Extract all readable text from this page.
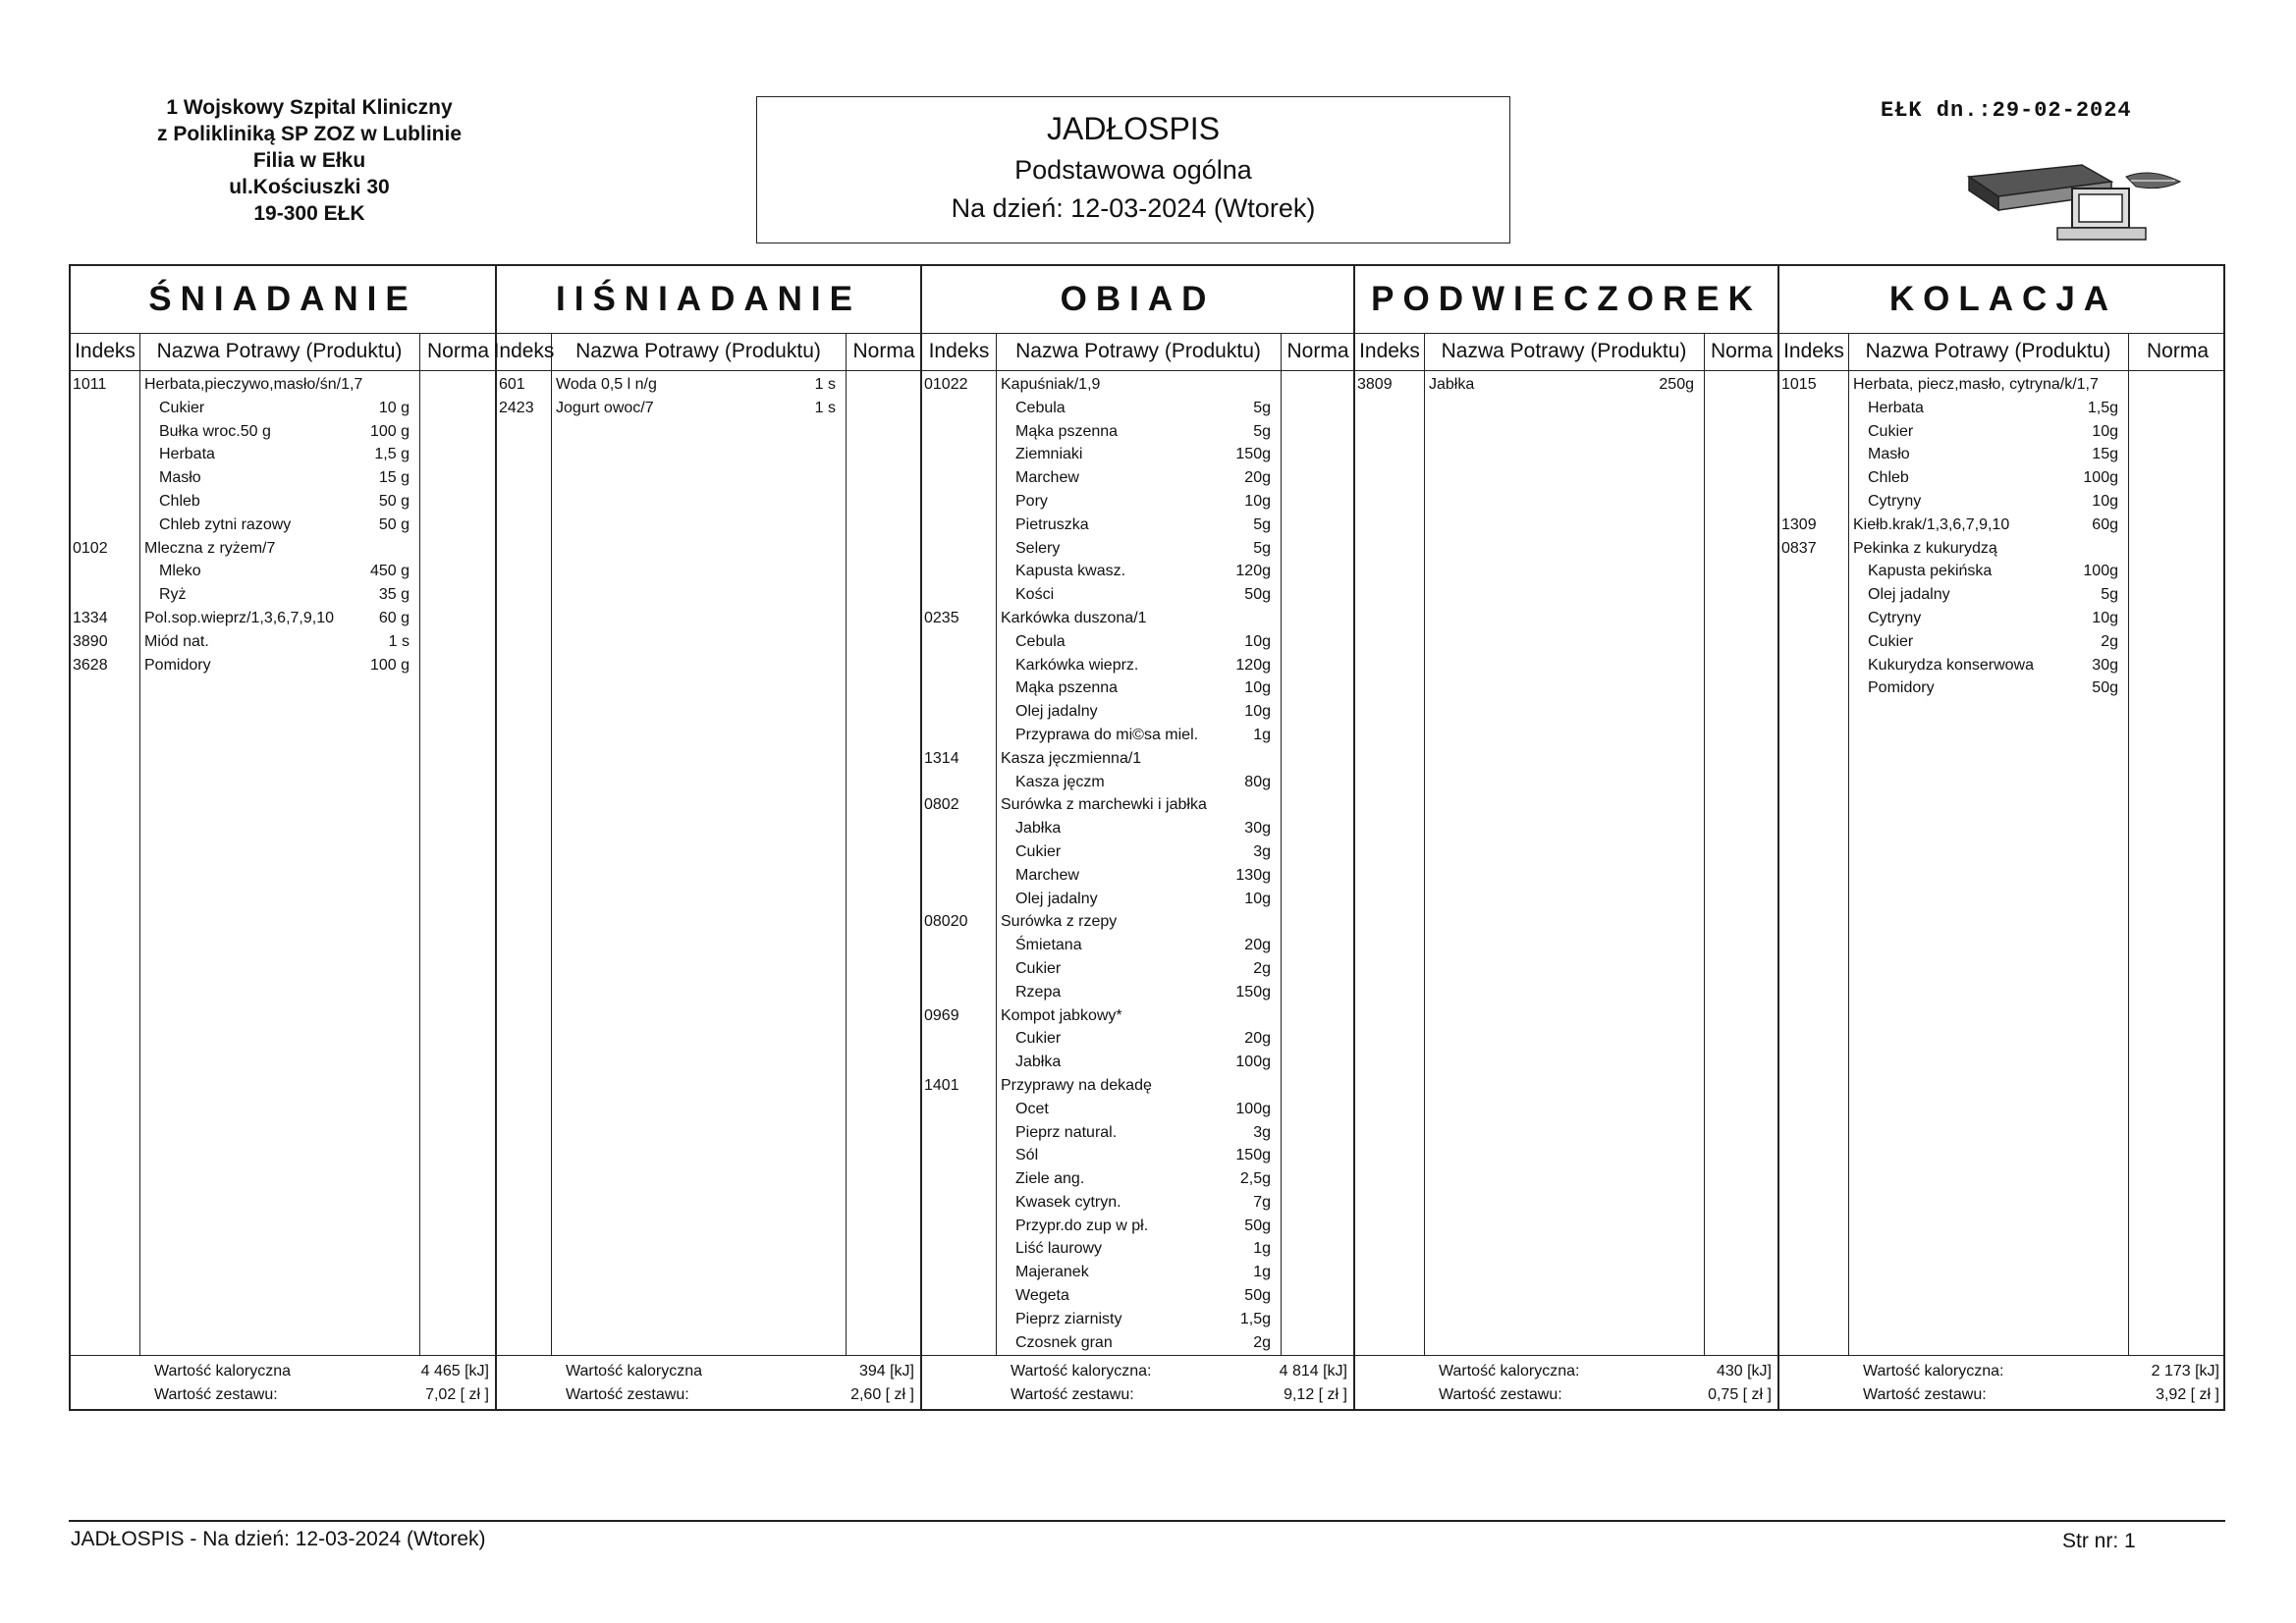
1 Wojskowy Szpital Kliniczny
z Polikliniką SP ZOZ w Lublinie
Filia w Ełku
ul.Kościuszki 30
19-300 EŁK
JADŁOSPIS
Podstawowa ogólna
Na dzień: 12-03-2024 (Wtorek)
EŁK dn.:29-02-2024
ŚNIADANIE
Indeks	Nazwa Potrawy (Produktu)	Norma
1011 Herbata,pieczywo,masło/śn/1,7
Cukier	10 g
Bułka wroc.50 g	100 g
Herbata	1,5 g
Masło	15 g
Chleb	50 g
Chleb zytni razowy	50 g
0102 Mleczna z ryżem/7
Mleko	450 g
Ryż	35 g
1334 Pol.sop.wieprz/1,3,6,7,9,10	60 g
3890 Miód nat.	1 s
3628 Pomidory	100 g
Wartość kaloryczna	4 465 [kJ]
Wartość zestawu:	7,02 [ zł ]
IIŚNIADANIE
Indeks	Nazwa Potrawy (Produktu)	Norma
601 Woda 0,5 l n/g	1 s
2423 Jogurt owoc/7	1 s
Wartość kaloryczna	394 [kJ]
Wartość zestawu:	2,60 [ zł ]
OBIAD
Indeks	Nazwa Potrawy (Produktu)	Norma
01022 Kapuśniak/1,9
Cebula	5g
Mąka pszenna	5g
Ziemniaki	150g
Marchew	20g
Pory	10g
Pietruszka	5g
Selery	5g
Kapusta kwasz.	120g
Kości	50g
0235	Karkówka duszona/1
Cebula	10g
Karkówka wieprz.	120g
Mąka pszenna	10g
Olej jadalny	10g
Przyprawa do mi©sa miel.	1g
1314	Kasza jęczmienna/1
Kasza jęczm	80g
0802	Surówka z marchewki i jabłka
Jabłka	30g
Cukier	3g
Marchew	130g
Olej jadalny	10g
08020 Surówka z rzepy
Śmietana	20g
Cukier	2g
Rzepa	150g
0969	Kompot jabkowy*
Cukier	20g
Jabłka	100g
1401	Przyprawy na dekadę
Ocet	100g
Pieprz natural.	3g
Sól	150g
Ziele ang.	2,5g
Kwasek cytryn.	7g
Przypr.do zup w pł.	50g
Liść laurowy	1g
Majeranek	1g
Wegeta	50g
Pieprz ziarnisty	1,5g
Czosnek gran	2g
Wartość kaloryczna:	4 814 [kJ]
Wartość zestawu:	9,12 [ zł ]
PODWIECZOREK
Indeks	Nazwa Potrawy (Produktu)	Norma
3809 Jabłka	250g
Wartość kaloryczna:	430 [kJ]
Wartość zestawu:	0,75 [ zł ]
KOLACJA
Indeks	Nazwa Potrawy (Produktu)	Norma
1015 Herbata, piecz,masło, cytryna/k/1,7
Herbata	1,5g
Cukier	10g
Masło	15g
Chleb	100g
Cytryny	10g
1309 Kiełb.krak/1,3,6,7,9,10	60g
0837 Pekinka z kukurydzą
Kapusta pekińska	100g
Olej jadalny	5g
Cytryny	10g
Cukier	2g
Kukurydza konserwowa	30g
Pomidory	50g
Wartość kaloryczna:	2 173 [kJ]
Wartość zestawu:	3,92 [ zł ]
JADŁOSPIS - Na dzień: 12-03-2024 (Wtorek)	Str nr: 1
